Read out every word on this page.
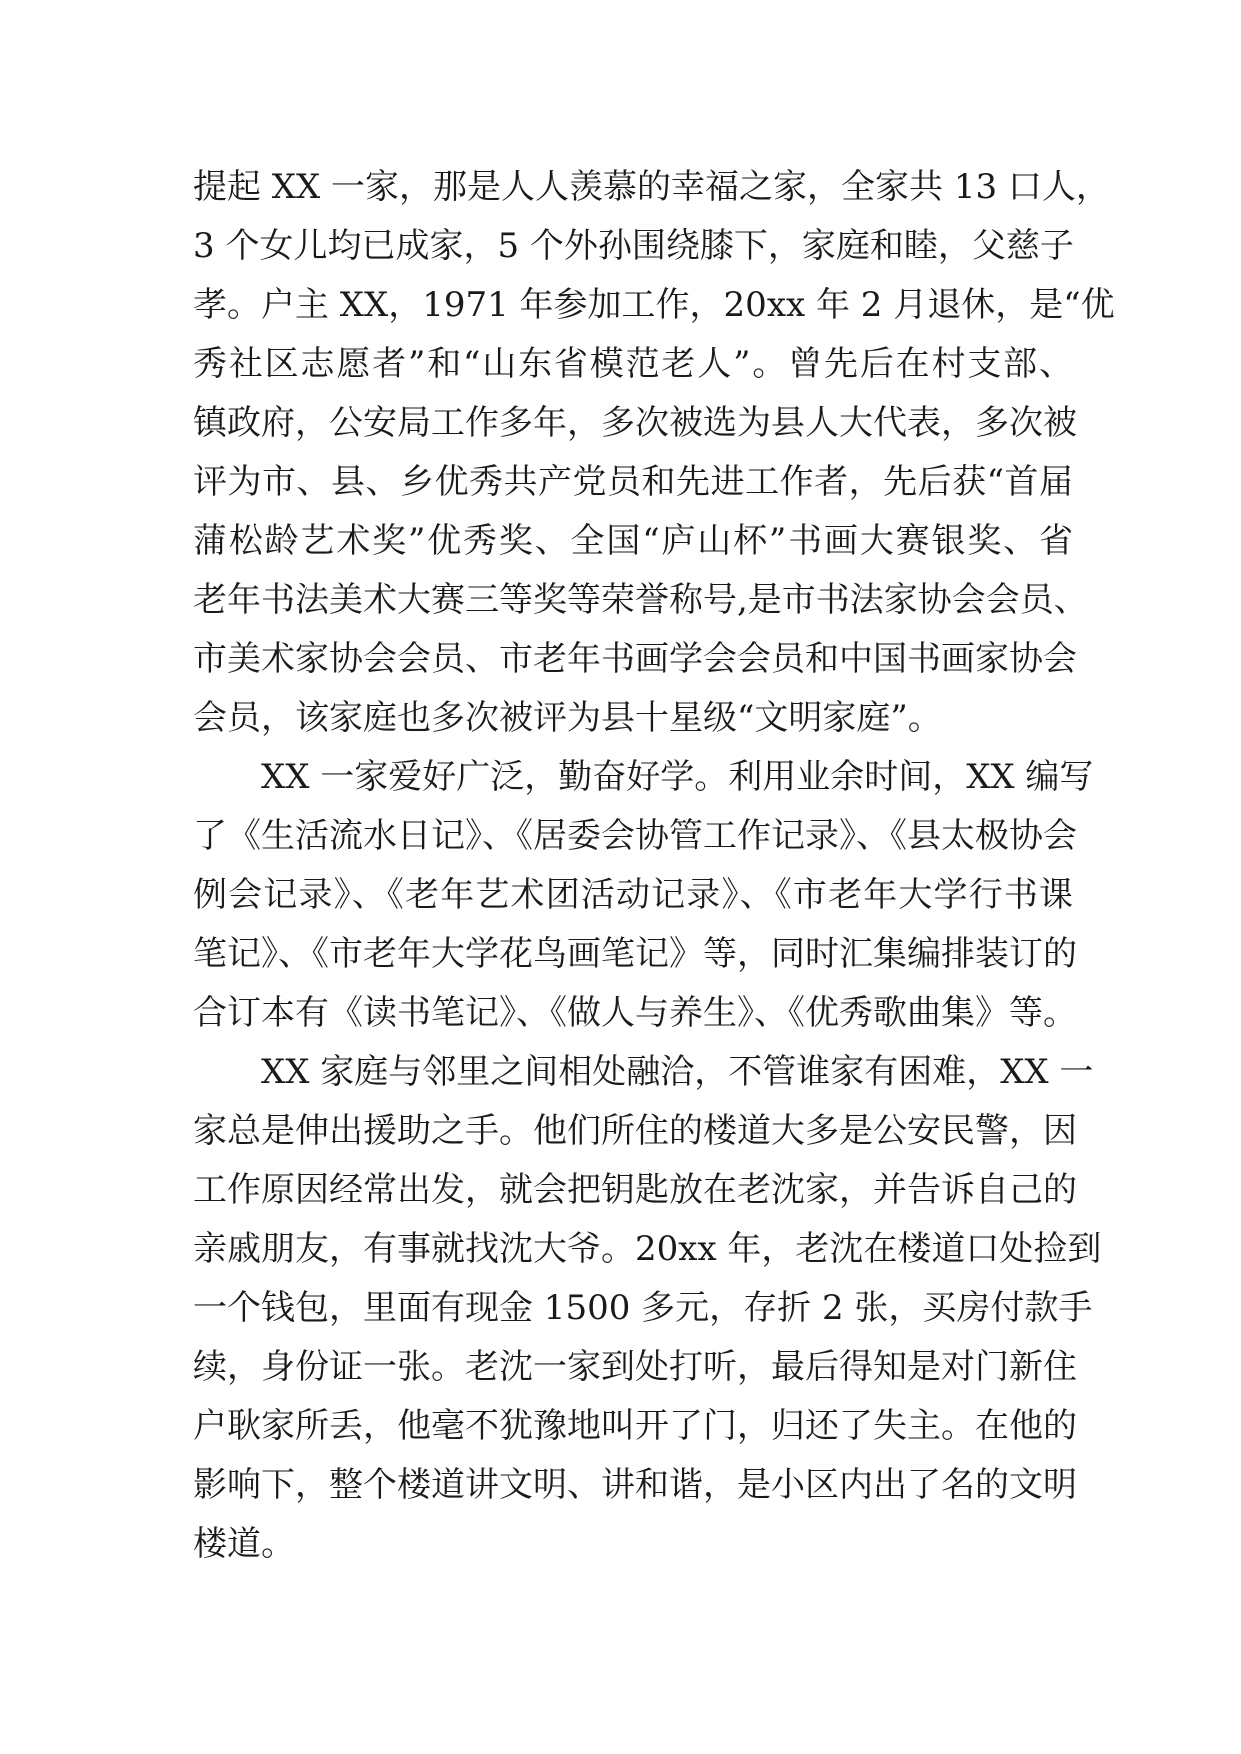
提起 XX 一家，那是人人羡慕的幸福之家，全家共 13 口人，
3 个女儿均已成家，5 个外孙围绕膝下，家庭和睦，父慈子
孝。户主 XX，1971 年参加工作，20xx 年 2 月退休，是“优
秀社区志愿者”和“山东省模范老人”。曾先后在村支部、
镇政府，公安局工作多年，多次被选为县人大代表，多次被
评为市、县、乡优秀共产党员和先进工作者，先后获“首届
蒲松龄艺术奖”优秀奖、全国“庐山杯”书画大赛银奖、省
老年书法美术大赛三等奖等荣誉称号,是市书法家协会会员、
市美术家协会会员、市老年书画学会会员和中国书画家协会
会员，该家庭也多次被评为县十星级“文明家庭”。
XX 一家爱好广泛，勤奋好学。利用业余时间，XX 编写
了《生活流水日记》、《居委会协管工作记录》、《县太极协会
例会记录》、《老年艺术团活动记录》、《市老年大学行书课
笔记》、《市老年大学花鸟画笔记》等，同时汇集编排装订的
合订本有《读书笔记》、《做人与养生》、《优秀歌曲集》等。
XX 家庭与邻里之间相处融洽，不管谁家有困难，XX 一
家总是伸出援助之手。他们所住的楼道大多是公安民警，因
工作原因经常出发，就会把钥匙放在老沈家，并告诉自己的
亲戚朋友，有事就找沈大爷。20xx 年，老沈在楼道口处捡到
一个钱包，里面有现金 1500 多元，存折 2 张，买房付款手
续，身份证一张。老沈一家到处打听，最后得知是对门新住
户耿家所丢，他毫不犹豫地叫开了门，归还了失主。在他的
影响下，整个楼道讲文明、讲和谐，是小区内出了名的文明
楼道。
